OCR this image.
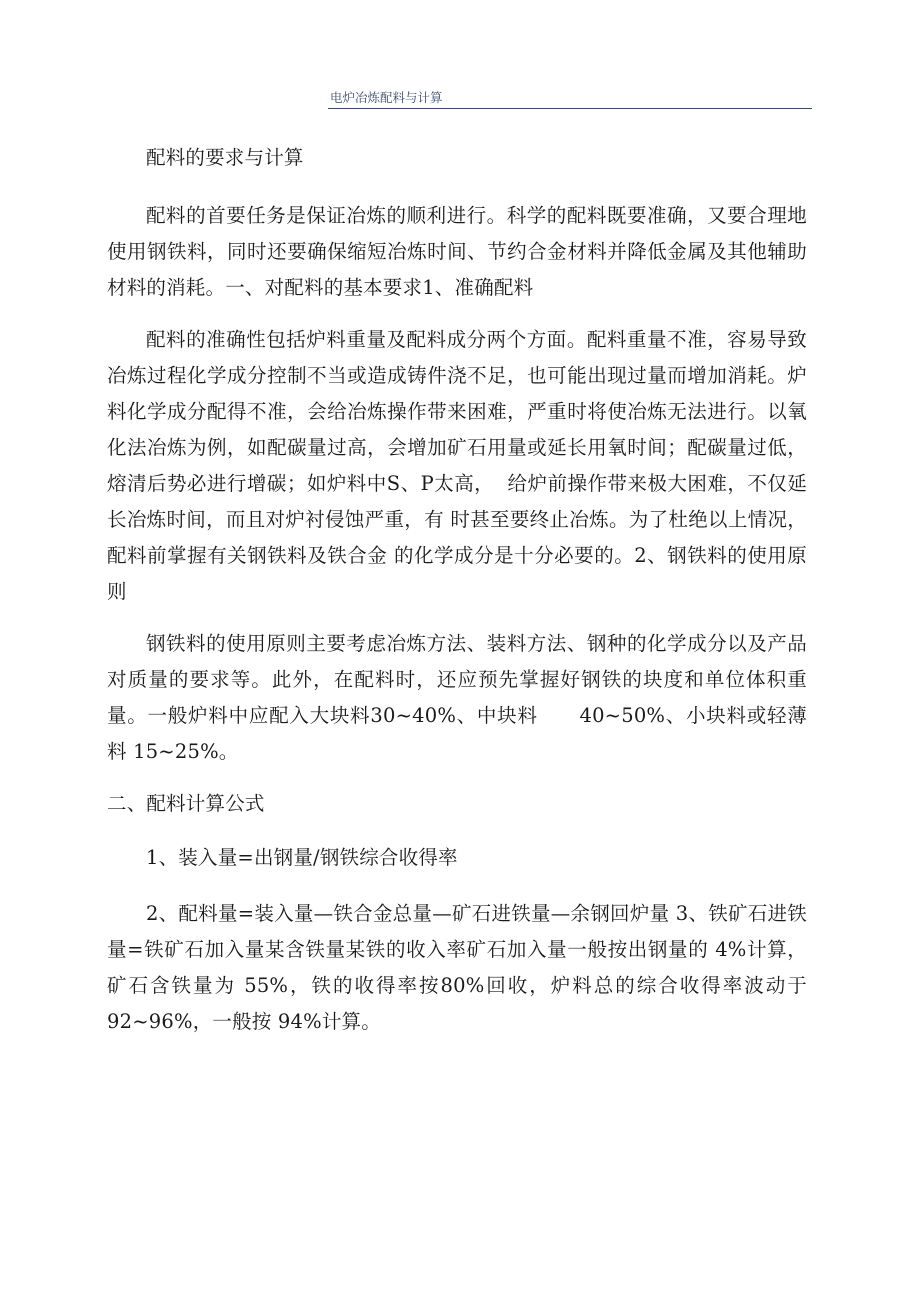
电炉冶炼配料与计算

配料的要求与计算

配料的首要任务是保证冶炼的顺利进行。科学的配料既要准确，又要合理地使用钢铁料，同时还要确保缩短冶炼时间、节约合金材料并降低金属及其他辅助材料的消耗。一、对配料的基本要求1、准确配料

配料的准确性包括炉料重量及配料成分两个方面。配料重量不准，容易导致冶炼过程化学成分控制不当或造成铸件浇不足，也可能出现过量而增加消耗。炉料化学成分配得不准，会给冶炼操作带来困难，严重时将使冶炼无法进行。以氧化法冶炼为例，如配碳量过高，会增加矿石用量或延长用氧时间；配碳量过低，熔清后势必进行增碳；如炉料中S、P太高，  给炉前操作带来极大困难，不仅延长冶炼时间，而且对炉衬侵蚀严重，有 时甚至要终止冶炼。为了杜绝以上情况，配料前掌握有关钢铁料及铁合金 的化学成分是十分必要的。2、钢铁料的使用原则

钢铁料的使用原则主要考虑冶炼方法、装料方法、钢种的化学成分以及产品对质量的要求等。此外，在配料时，还应预先掌握好钢铁的块度和单位体积重量。一般炉料中应配入大块料30~40%、中块料      40~50%、小块料或轻薄料 15~25%。

二、配料计算公式

1、装入量=出钢量/钢铁综合收得率

2、配料量=装入量—铁合金总量—矿石进铁量—余钢回炉量 3、铁矿石进铁量=铁矿石加入量某含铁量某铁的收入率矿石加入量一般按出钢量的 4%计算，矿石含铁量为 55%，铁的收得率按80%回收，炉料总的综合收得率波动于92~96%，一般按 94%计算。
